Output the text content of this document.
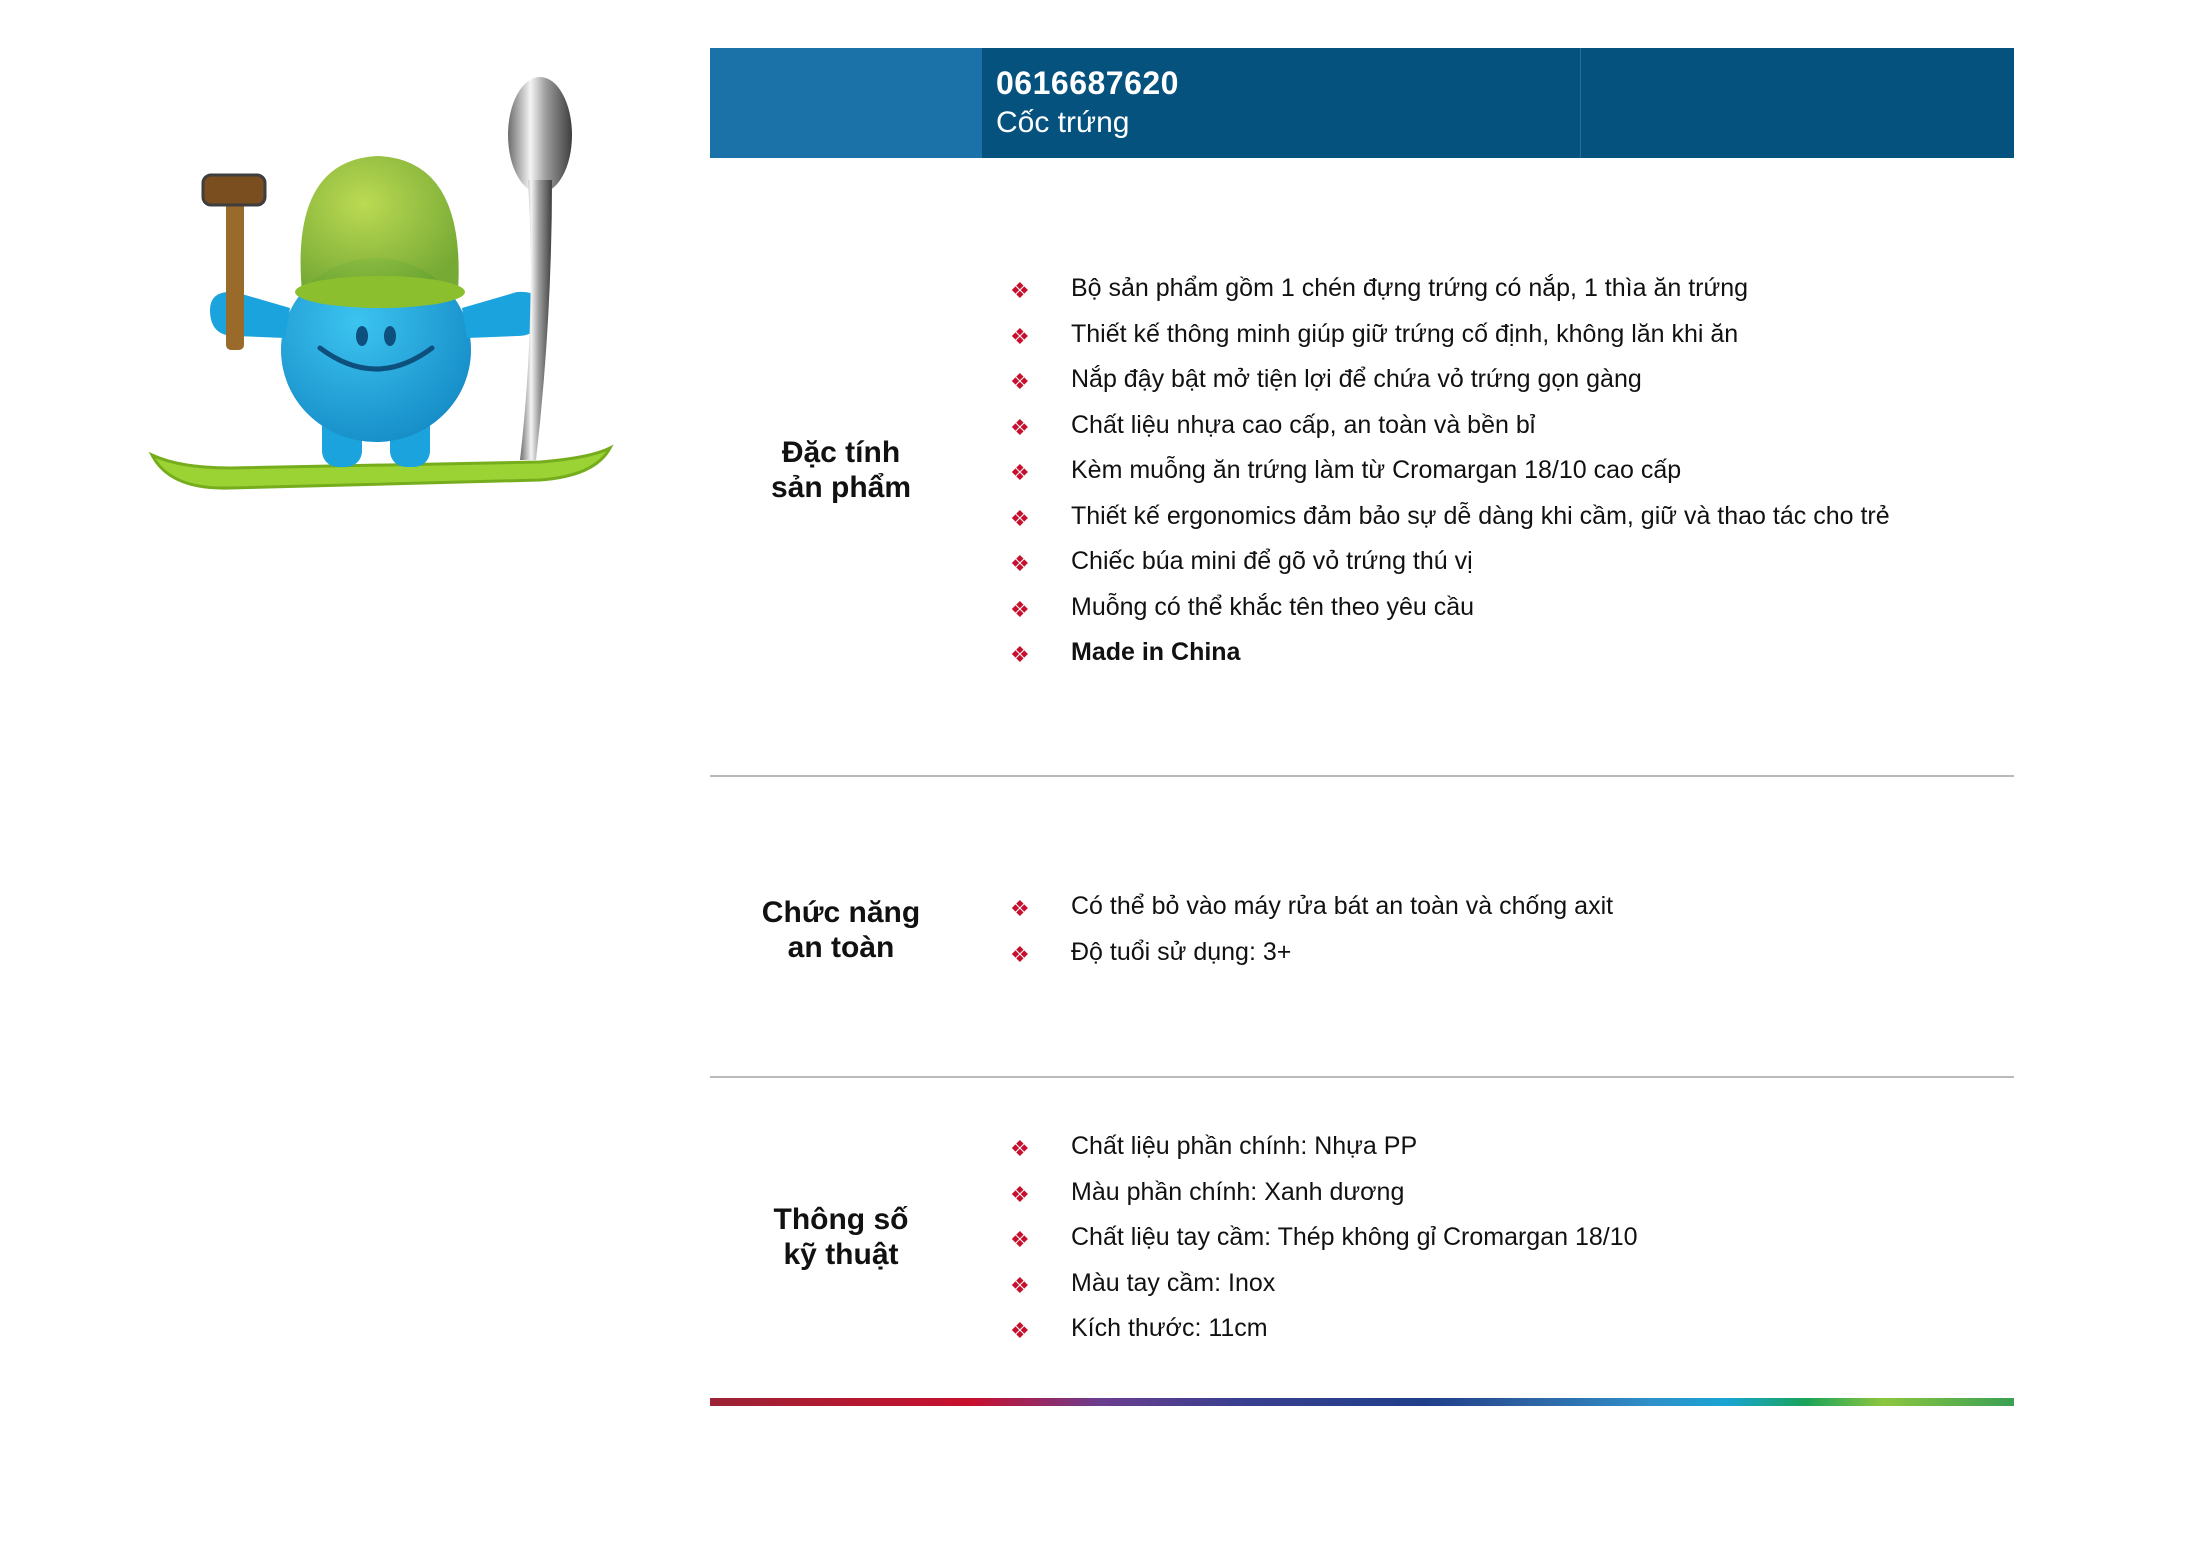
0616687620
Cốc trứng
Đặc tính
sản phẩm
❖ Bộ sản phẩm gồm 1 chén đựng trứng có nắp, 1 thìa ăn trứng
❖ Thiết kế thông minh giúp giữ trứng cố định, không lăn khi ăn
❖ Nắp đậy bật mở tiện lợi để chứa vỏ trứng gọn gàng
❖ Chất liệu nhựa cao cấp, an toàn và bền bỉ
❖ Kèm muỗng ăn trứng làm từ Cromargan 18/10 cao cấp
❖ Thiết kế ergonomics đảm bảo sự dễ dàng khi cầm, giữ và thao tác cho trẻ
❖ Chiếc búa mini để gõ vỏ trứng thú vị
❖ Muỗng có thể khắc tên theo yêu cầu
❖ Made in China
Chức năng
an toàn
❖ Có thể bỏ vào máy rửa bát an toàn và chống axit
❖ Độ tuổi sử dụng: 3+
Thông số
kỹ thuật
❖ Chất liệu phần chính: Nhựa PP
❖ Màu phần chính: Xanh dương
❖ Chất liệu tay cầm: Thép không gỉ Cromargan 18/10
❖ Màu tay cầm: Inox
❖ Kích thước: 11cm
